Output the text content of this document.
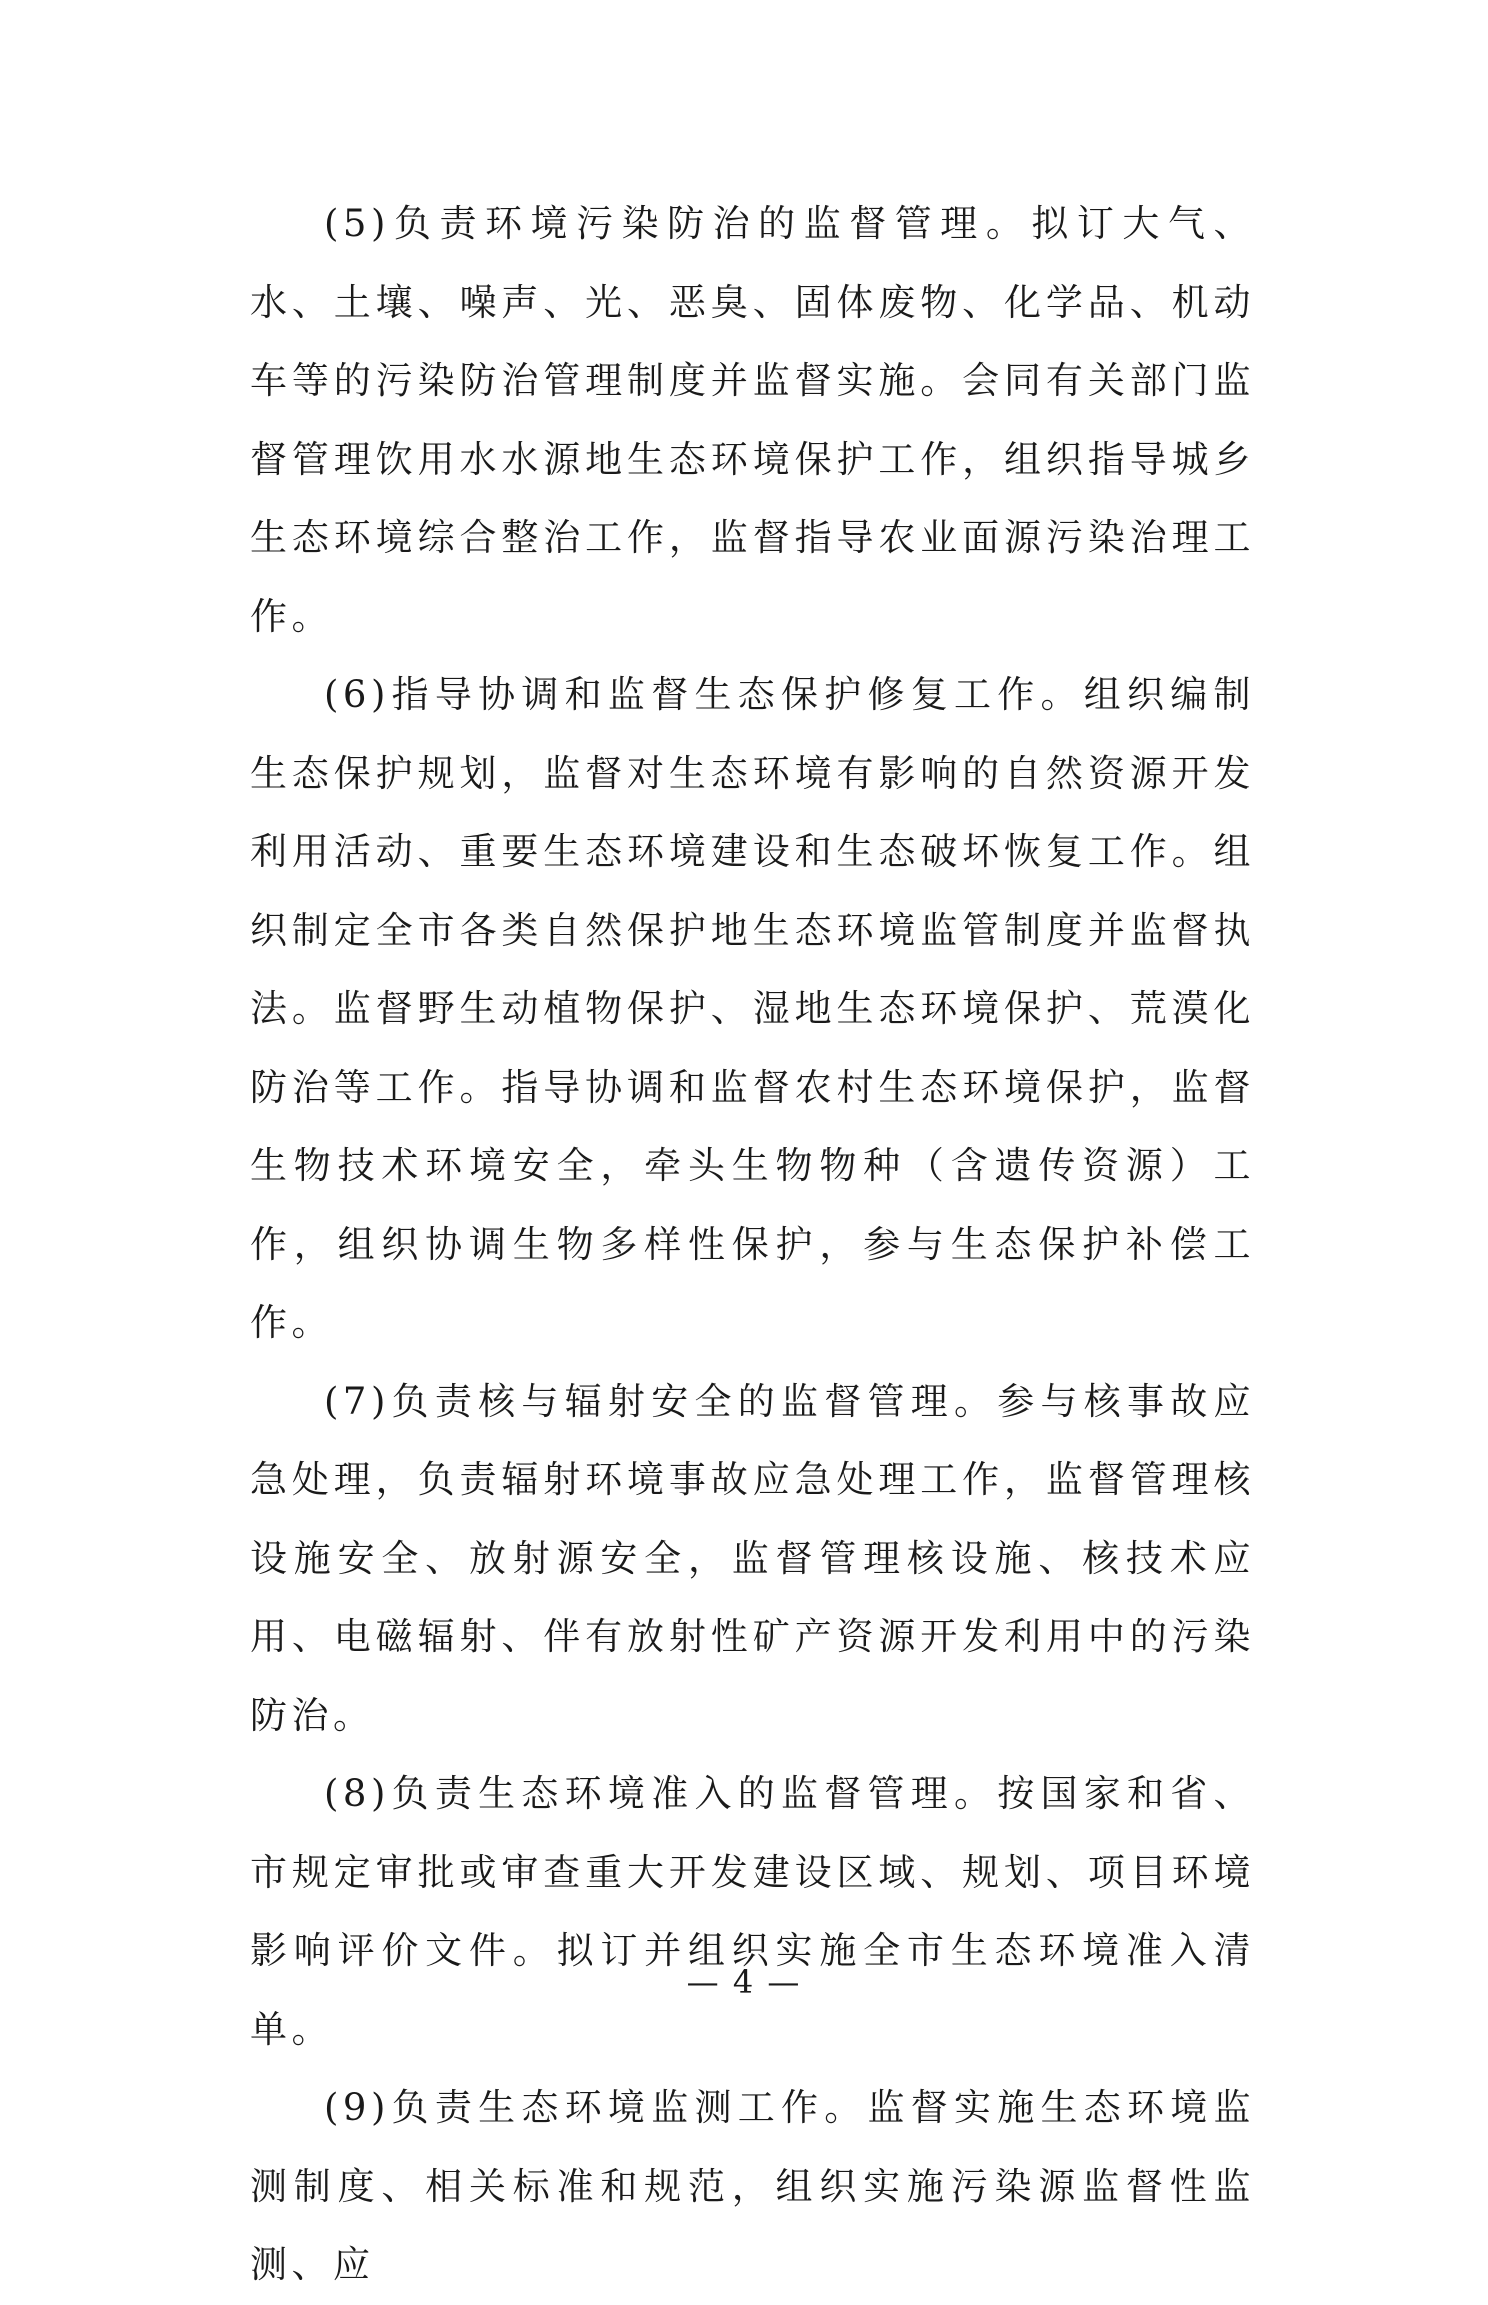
(5)负责环境污染防治的监督管理。拟订大气、水、土壤、噪声、光、恶臭、固体废物、化学品、机动车等的污染防治管理制度并监督实施。会同有关部门监督管理饮用水水源地生态环境保护工作，组织指导城乡生态环境综合整治工作，监督指导农业面源污染治理工作。

(6)指导协调和监督生态保护修复工作。组织编制生态保护规划，监督对生态环境有影响的自然资源开发利用活动、重要生态环境建设和生态破坏恢复工作。组织制定全市各类自然保护地生态环境监管制度并监督执法。监督野生动植物保护、湿地生态环境保护、荒漠化防治等工作。指导协调和监督农村生态环境保护，监督生物技术环境安全，牵头生物物种（含遗传资源）工作，组织协调生物多样性保护，参与生态保护补偿工作。

(7)负责核与辐射安全的监督管理。参与核事故应急处理，负责辐射环境事故应急处理工作，监督管理核设施安全、放射源安全，监督管理核设施、核技术应用、电磁辐射、伴有放射性矿产资源开发利用中的污染防治。

(8)负责生态环境准入的监督管理。按国家和省、市规定审批或审查重大开发建设区域、规划、项目环境影响评价文件。拟订并组织实施全市生态环境准入清单。

(9)负责生态环境监测工作。监督实施生态环境监测制度、相关标准和规范，组织实施污染源监督性监测、应

— 4 —
